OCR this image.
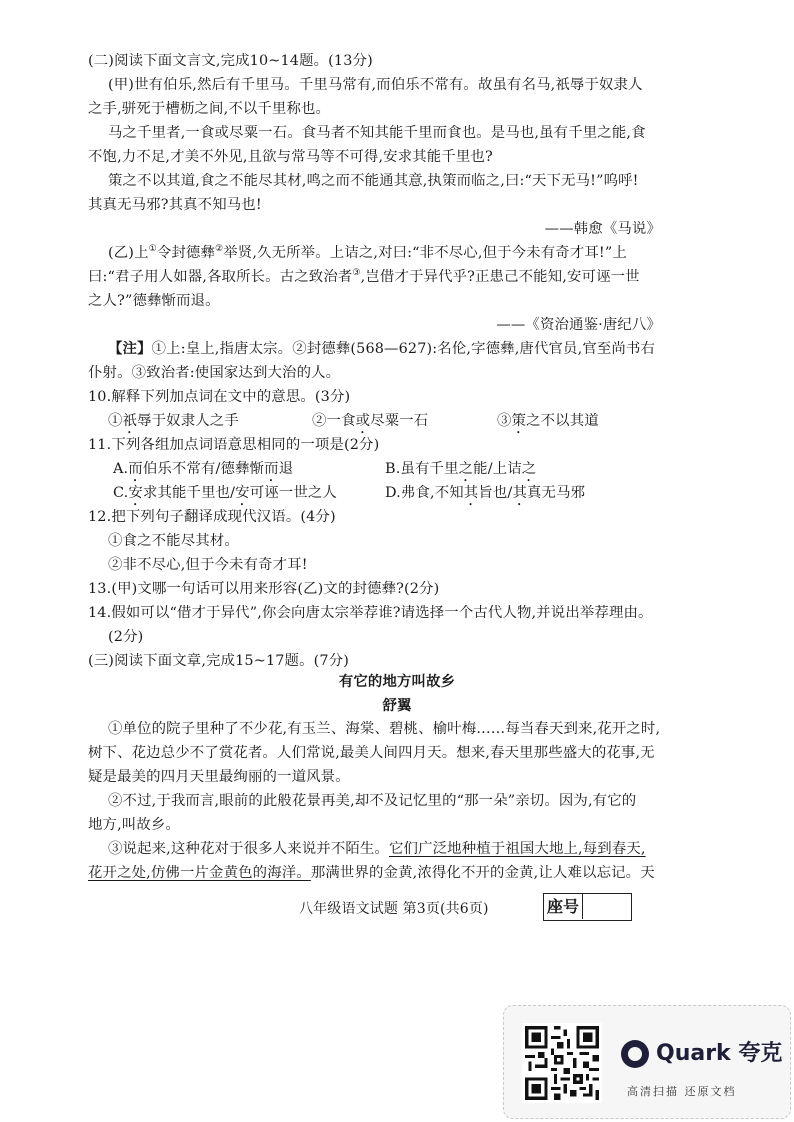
(二)阅读下面文言文,完成10~14题。(13分)
(甲)世有伯乐,然后有千里马。千里马常有,而伯乐不常有。故虽有名马,祇辱于奴隶人
之手,骈死于槽枥之间,不以千里称也。
马之千里者,一食或尽粟一石。食马者不知其能千里而食也。是马也,虽有千里之能,食
不饱,力不足,才美不外见,且欲与常马等不可得,安求其能千里也?
策之不以其道,食之不能尽其材,鸣之而不能通其意,执策而临之,曰:“天下无马!”呜呼!
其真无马邪?其真不知马也!
——韩愈《马说》
(乙)上①令封德彝②举贤,久无所举。上诘之,对曰:“非不尽心,但于今未有奇才耳!”上
曰:“君子用人如器,各取所长。古之致治者③,岂借才于异代乎?正患己不能知,安可诬一世
之人?”德彝惭而退。
——《资治通鉴·唐纪八》
【注】①上:皇上,指唐太宗。②封德彝(568—627):名伦,字德彝,唐代官员,官至尚书右
仆射。③致治者:使国家达到大治的人。
10.解释下列加点词在文中的意思。(3分)
①祇辱于奴隶人之手	②一食或尽粟一石	③策之不以其道
11.下列各组加点词语意思相同的一项是(2分)
A.而伯乐不常有/德彝惭而退	B.虽有千里之能/上诘之
C.安求其能千里也/安可诬一世之人	D.弗食,不知其旨也/其真无马邪
12.把下列句子翻译成现代汉语。(4分)
①食之不能尽其材。
②非不尽心,但于今未有奇才耳!
13.(甲)文哪一句话可以用来形容(乙)文的封德彝?(2分)
14.假如可以“借才于异代”,你会向唐太宗举荐谁?请选择一个古代人物,并说出举荐理由。
(2分)
(三)阅读下面文章,完成15~17题。(7分)
有它的地方叫故乡
舒翼
①单位的院子里种了不少花,有玉兰、海棠、碧桃、榆叶梅……每当春天到来,花开之时,
树下、花边总少不了赏花者。人们常说,最美人间四月天。想来,春天里那些盛大的花事,无
疑是最美的四月天里最绚丽的一道风景。
②不过,于我而言,眼前的此般花景再美,却不及记忆里的“那一朵”亲切。因为,有它的
地方,叫故乡。
③说起来,这种花对于很多人来说并不陌生。它们广泛地种植于祖国大地上,每到春天,
花开之处,仿佛一片金黄色的海洋。那满世界的金黄,浓得化不开的金黄,让人难以忘记。天
八年级语文试题 第3页(共6页)	座号
Quark 夸克
高清扫描 还原文档
